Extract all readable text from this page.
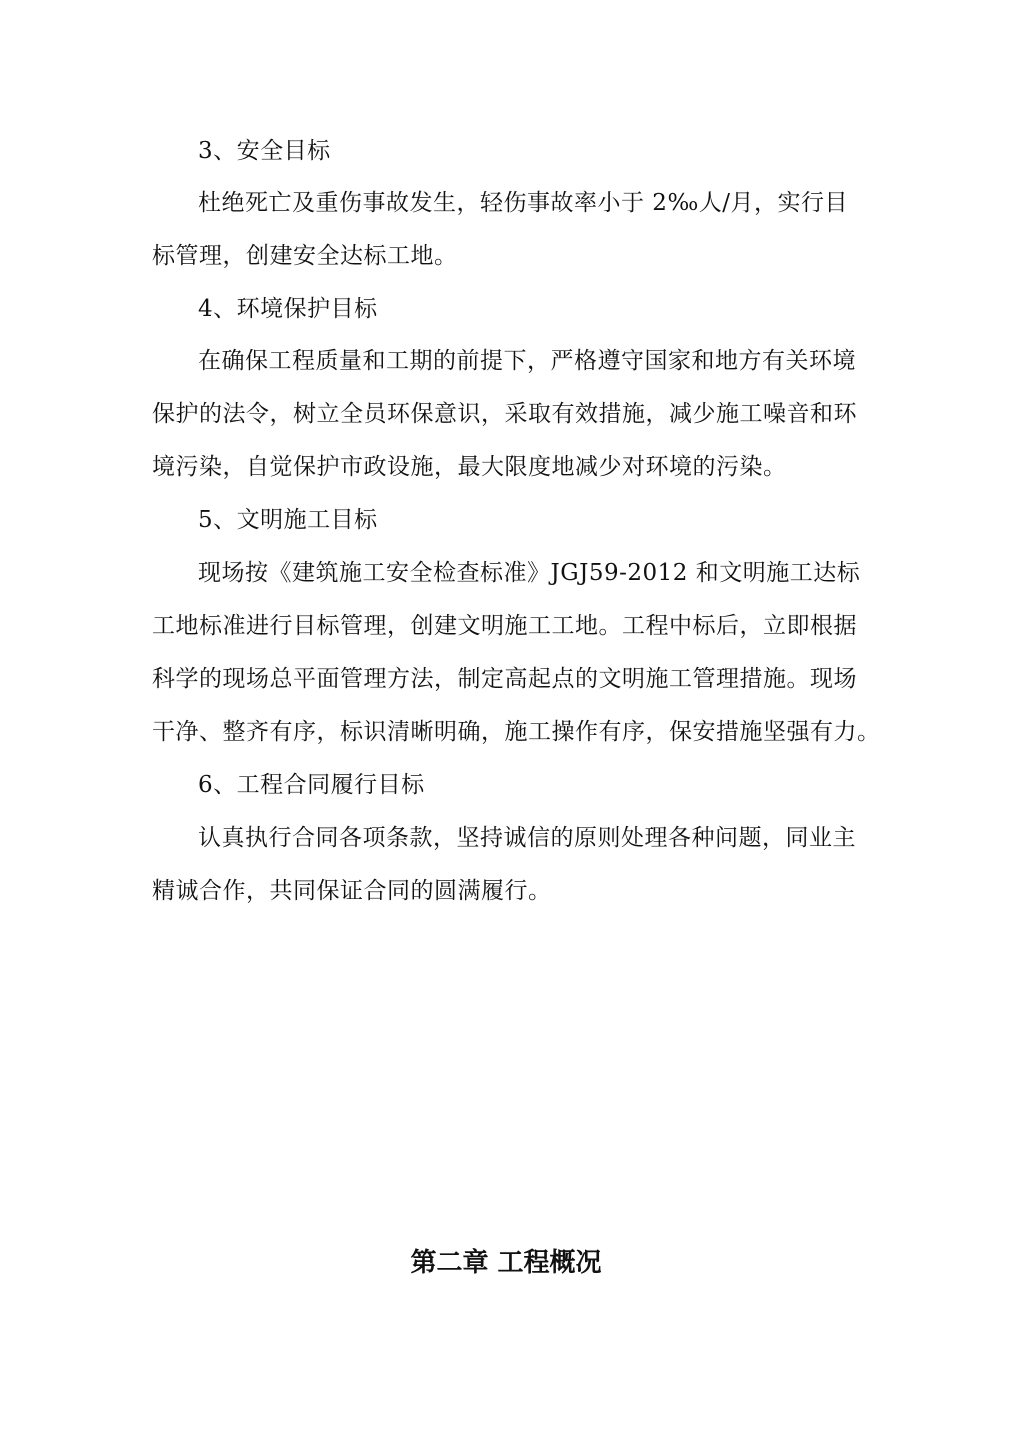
3、安全目标
杜绝死亡及重伤事故发生，轻伤事故率小于 2‰人/月，实行目
标管理，创建安全达标工地。
4、环境保护目标
在确保工程质量和工期的前提下，严格遵守国家和地方有关环境
保护的法令，树立全员环保意识，采取有效措施，减少施工噪音和环
境污染，自觉保护市政设施，最大限度地减少对环境的污染。
5、文明施工目标
现场按《建筑施工安全检查标准》JGJ59-2012 和文明施工达标
工地标准进行目标管理，创建文明施工工地。工程中标后，立即根据
科学的现场总平面管理方法，制定高起点的文明施工管理措施。现场
干净、整齐有序，标识清晰明确，施工操作有序，保安措施坚强有力。
6、工程合同履行目标
认真执行合同各项条款，坚持诚信的原则处理各种问题，同业主
精诚合作，共同保证合同的圆满履行。
第二章 工程概况
